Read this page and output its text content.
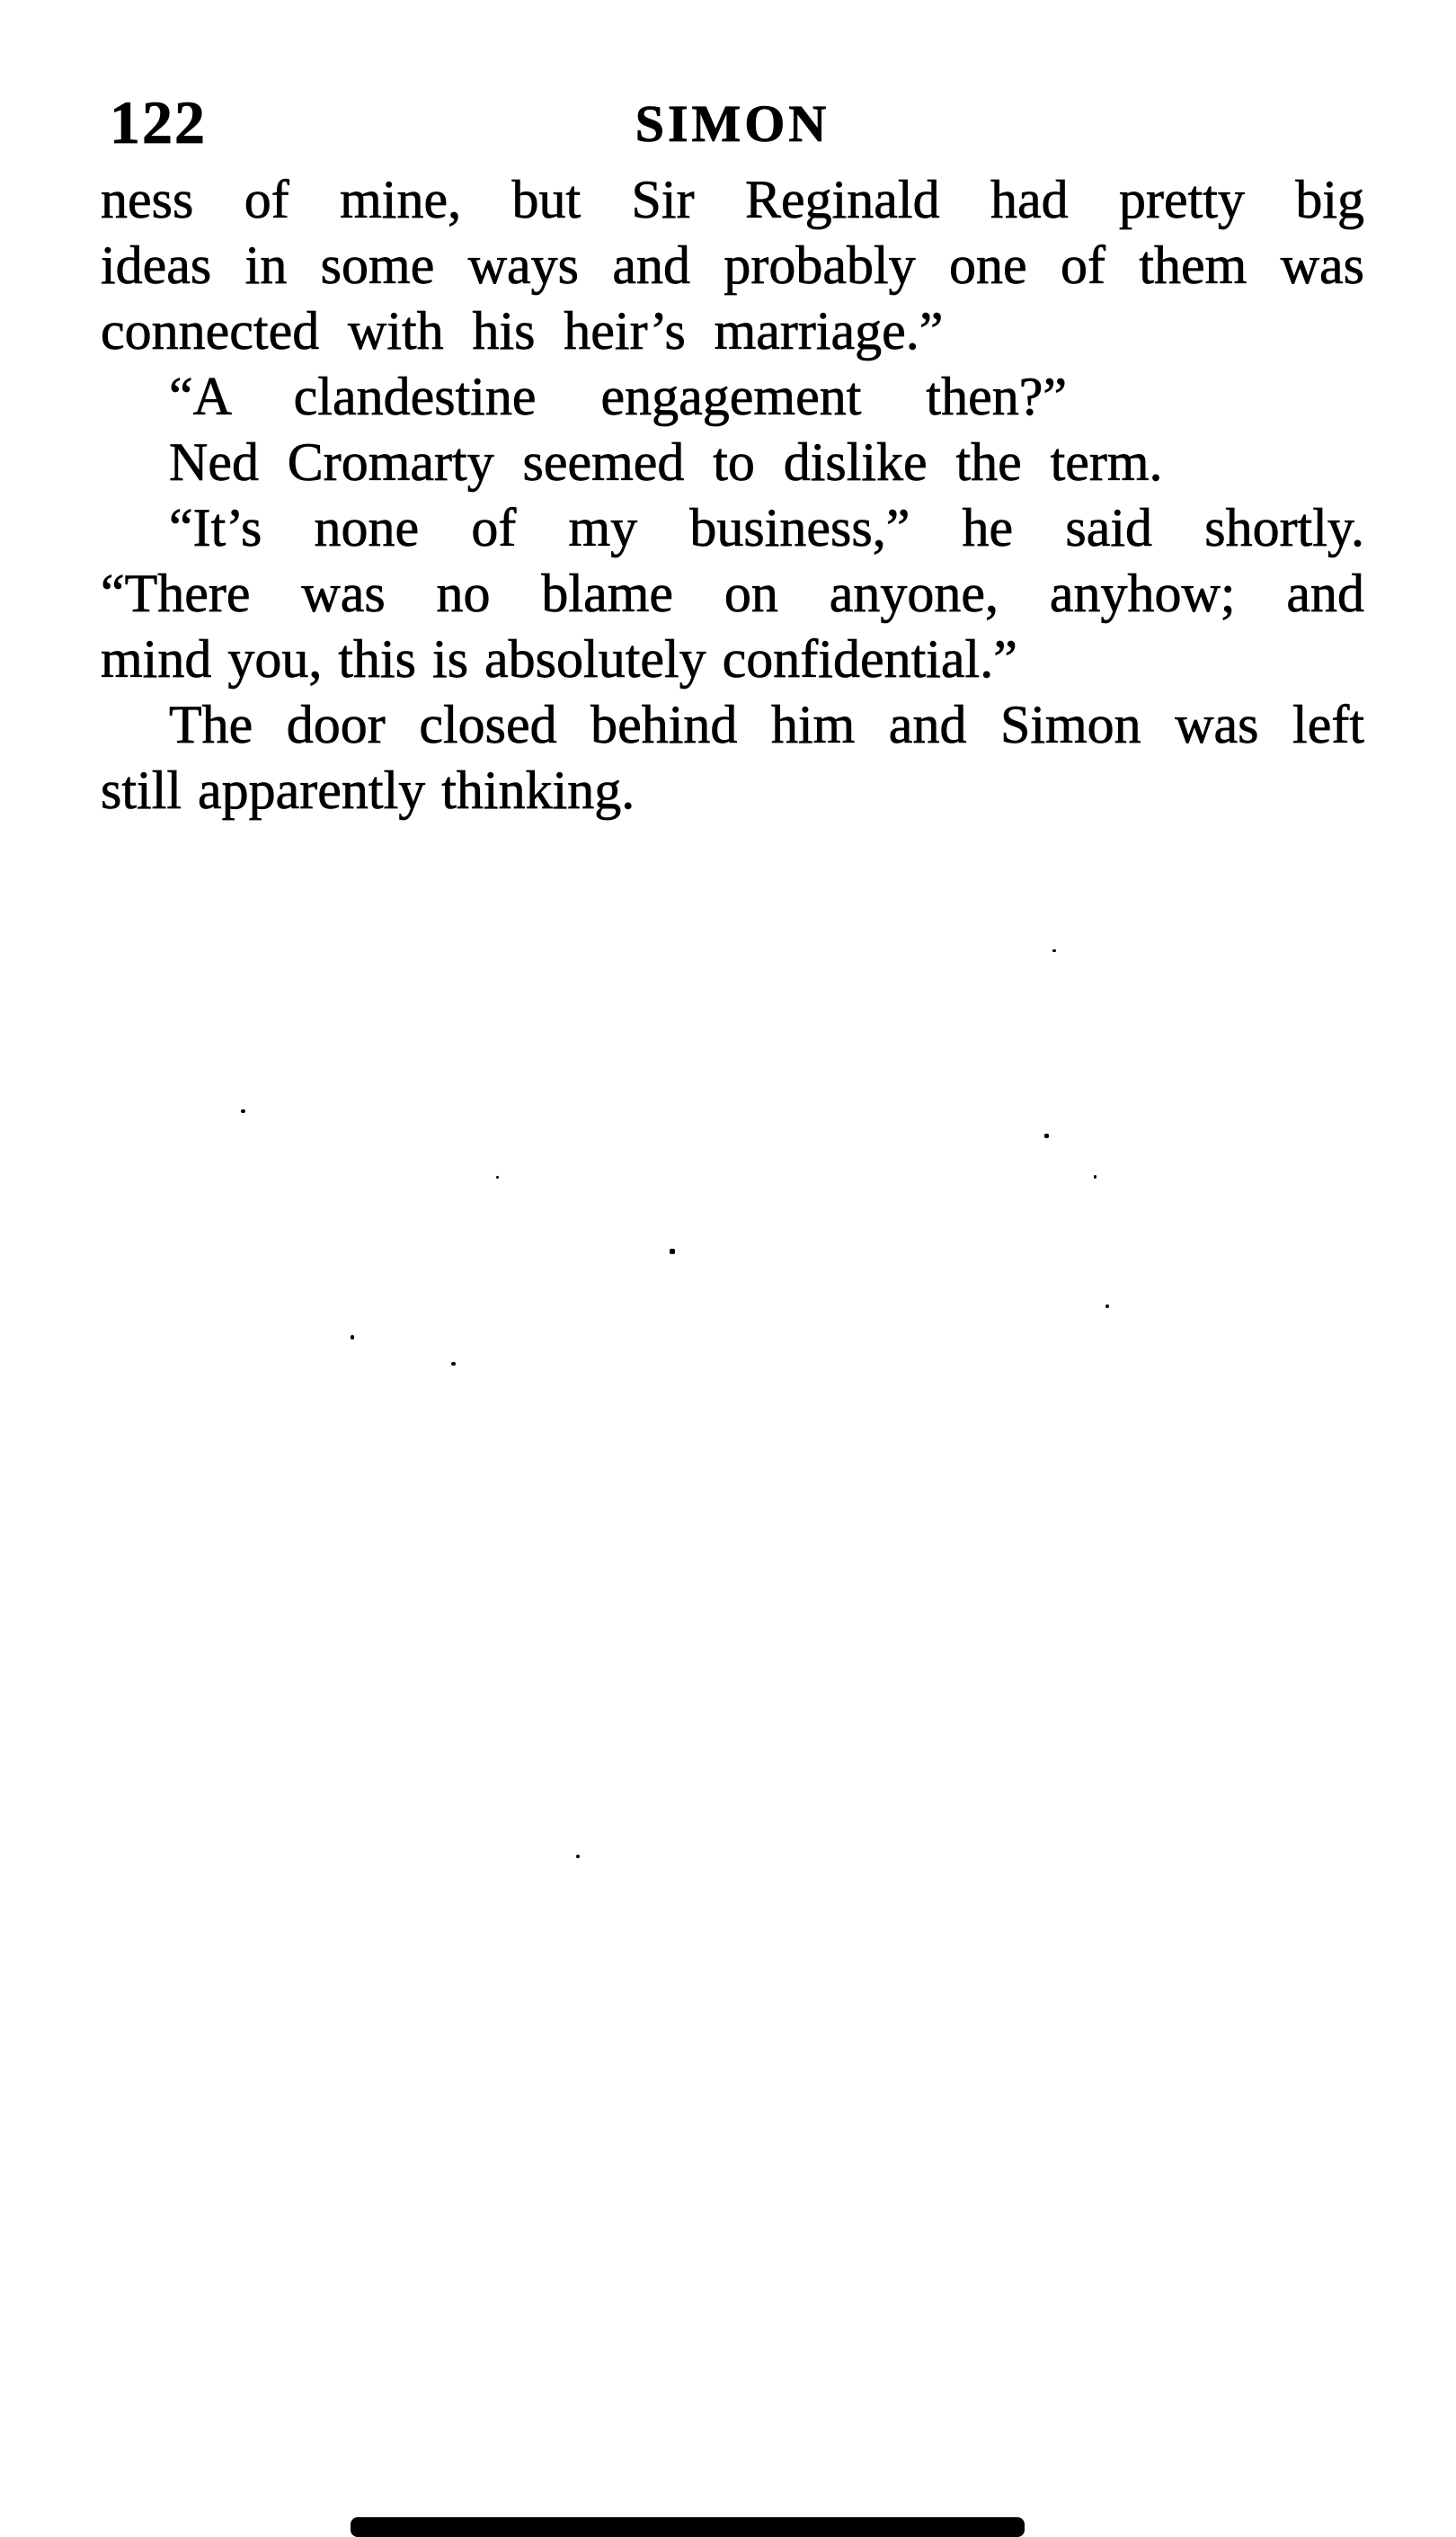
122	SIMON
ness of mine, but Sir Reginald had pretty big
ideas in some ways and probably one of them was
connected with his heir’s marriage.”
“A clandestine engagement then?”
Ned Cromarty seemed to dislike the term.
“It’s none of my business,” he said shortly.
“There was no blame on anyone, anyhow; and
mind you, this is absolutely confidential.”
The door closed behind him and Simon was left
still apparently thinking.
